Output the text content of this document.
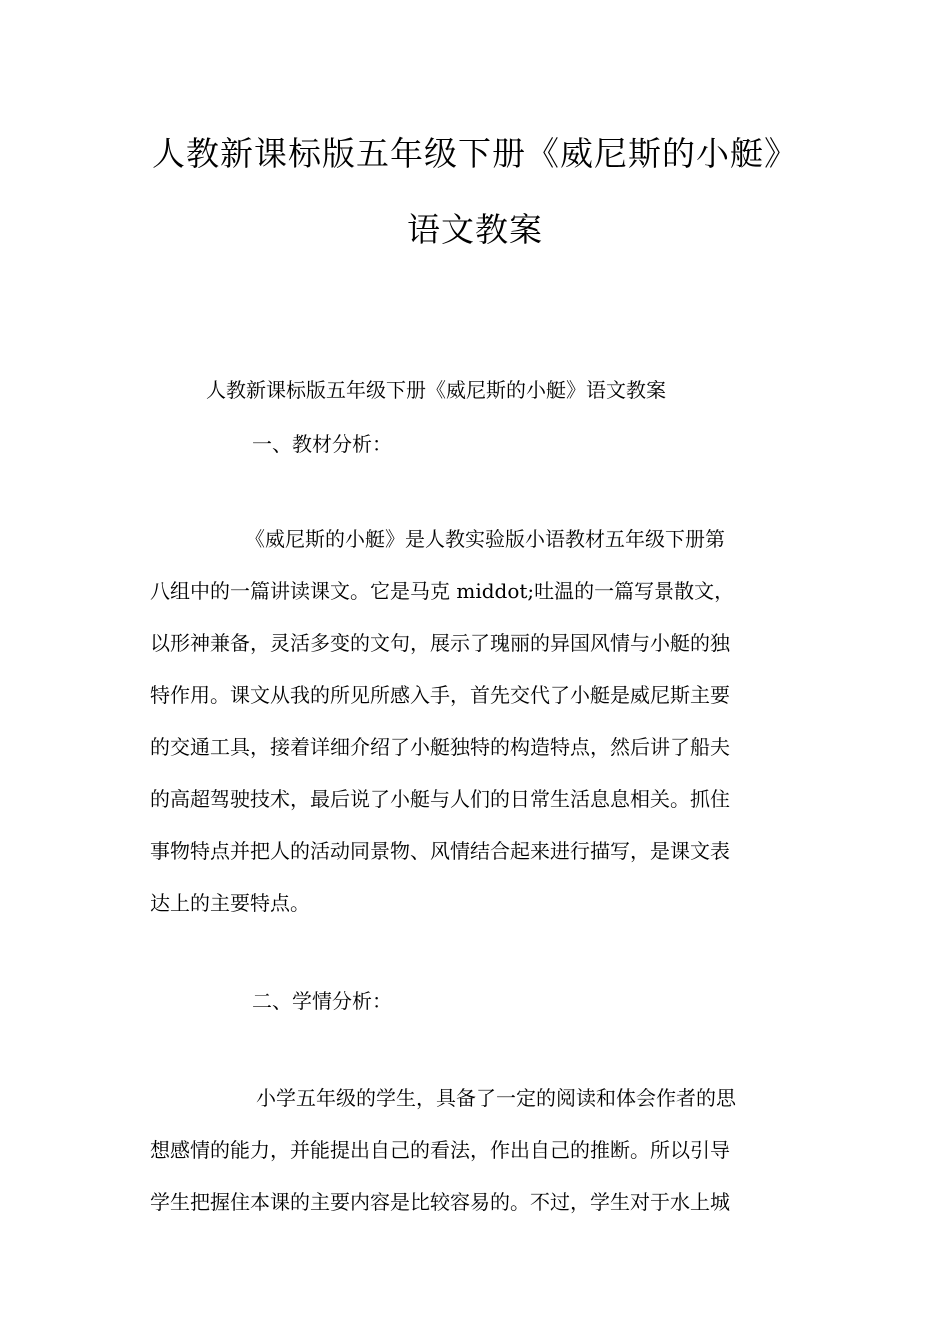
人教新课标版五年级下册《威尼斯的小艇》
语文教案
人教新课标版五年级下册《威尼斯的小艇》语文教案
一、教材分析：
《威尼斯的小艇》是人教实验版小语教材五年级下册第
八组中的一篇讲读课文。它是马克 middot;吐温的一篇写景散文，
以形神兼备，灵活多变的文句，展示了瑰丽的异国风情与小艇的独
特作用。课文从我的所见所感入手，首先交代了小艇是威尼斯主要
的交通工具，接着详细介绍了小艇独特的构造特点，然后讲了船夫
的高超驾驶技术，最后说了小艇与人们的日常生活息息相关。抓住
事物特点并把人的活动同景物、风情结合起来进行描写，是课文表
达上的主要特点。
二、学情分析：
小学五年级的学生，具备了一定的阅读和体会作者的思
想感情的能力，并能提出自己的看法，作出自己的推断。所以引导
学生把握住本课的主要内容是比较容易的。不过，学生对于水上城
